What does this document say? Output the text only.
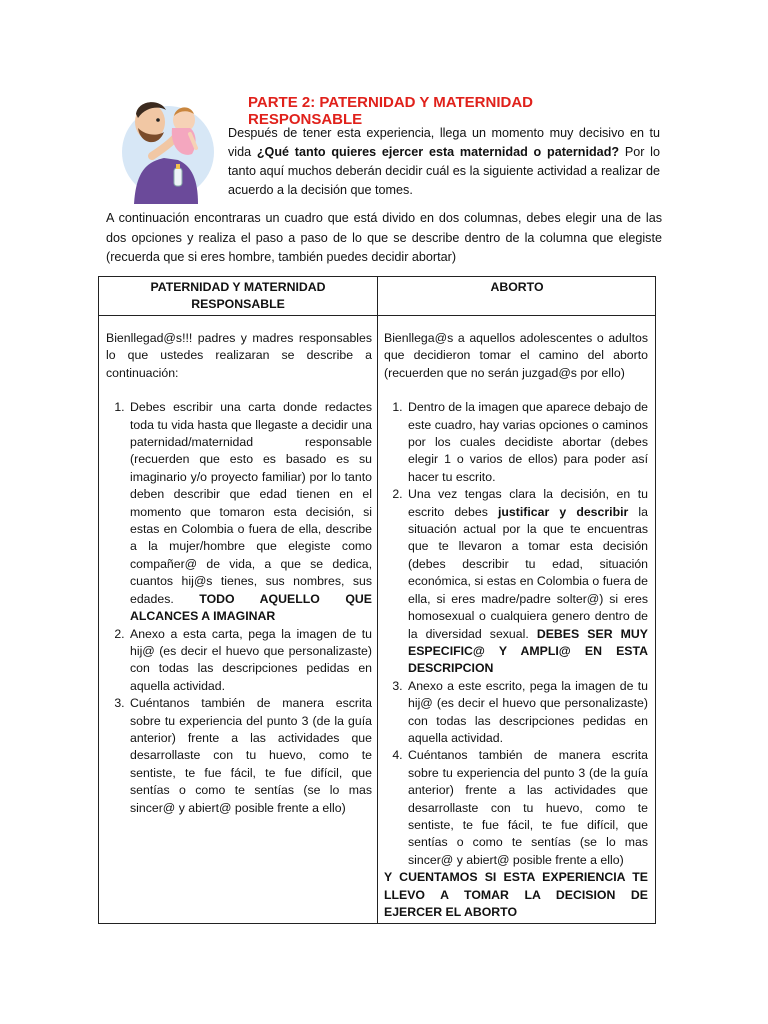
PARTE 2: PATERNIDAD Y MATERNIDAD RESPONSABLE

Después de tener esta experiencia, llega un momento muy decisivo en tu vida ¿Qué tanto quieres ejercer esta maternidad o paternidad? Por lo tanto aquí muchos deberán decidir cuál es la siguiente actividad a realizar de acuerdo a la decisión que tomes.

A continuación encontraras un cuadro que está divido en dos columnas, debes elegir una de las dos opciones y realiza el paso a paso de lo que se describe dentro de la columna que elegiste (recuerda que si eres hombre, también puedes decidir abortar)

PATERNIDAD Y MATERNIDAD RESPONSABLE
ABORTO

Bienllegad@s!!! padres y madres responsables lo que ustedes realizaran se describe a continuación:

1. Debes escribir una carta donde redactes toda tu vida hasta que llegaste a decidir una paternidad/maternidad responsable (recuerden que esto es basado es su imaginario y/o proyecto familiar) por lo tanto deben describir que edad tienen en el momento que tomaron esta decisión, si estas en Colombia o fuera de ella, describe a la mujer/hombre que elegiste como compañer@ de vida, a que se dedica, cuantos hij@s tienes, sus nombres, sus edades. TODO AQUELLO QUE ALCANCES A IMAGINAR
2. Anexo a esta carta, pega la imagen de tu hij@ (es decir el huevo que personalizaste) con todas las descripciones pedidas en aquella actividad.
3. Cuéntanos también de manera escrita sobre tu experiencia del punto 3 (de la guía anterior) frente a las actividades que desarrollaste con tu huevo, como te sentiste, te fue fácil, te fue difícil, que sentías o como te sentías (se lo mas sincer@ y abiert@ posible frente a ello)

Bienllega@s a aquellos adolescentes o adultos que decidieron tomar el camino del aborto (recuerden que no serán juzgad@s por ello)

1. Dentro de la imagen que aparece debajo de este cuadro, hay varias opciones o caminos por los cuales decidiste abortar (debes elegir 1 o varios de ellos) para poder así hacer tu escrito.
2. Una vez tengas clara la decisión, en tu escrito debes justificar y describir la situación actual por la que te encuentras que te llevaron a tomar esta decisión (debes describir tu edad, situación económica, si estas en Colombia o fuera de ella, si eres madre/padre solter@) si eres homosexual o cualquiera genero dentro de la diversidad sexual. DEBES SER MUY ESPECIFIC@ Y AMPLI@ EN ESTA DESCRIPCION
3. Anexo a este escrito, pega la imagen de tu hij@ (es decir el huevo que personalizaste) con todas las descripciones pedidas en aquella actividad.
4. Cuéntanos también de manera escrita sobre tu experiencia del punto 3 (de la guía anterior) frente a las actividades que desarrollaste con tu huevo, como te sentiste, te fue fácil, te fue difícil, que sentías o como te sentías (se lo mas sincer@ y abiert@ posible frente a ello)

Y CUENTAMOS SI ESTA EXPERIENCIA TE LLEVO A TOMAR LA DECISION DE EJERCER EL ABORTO
